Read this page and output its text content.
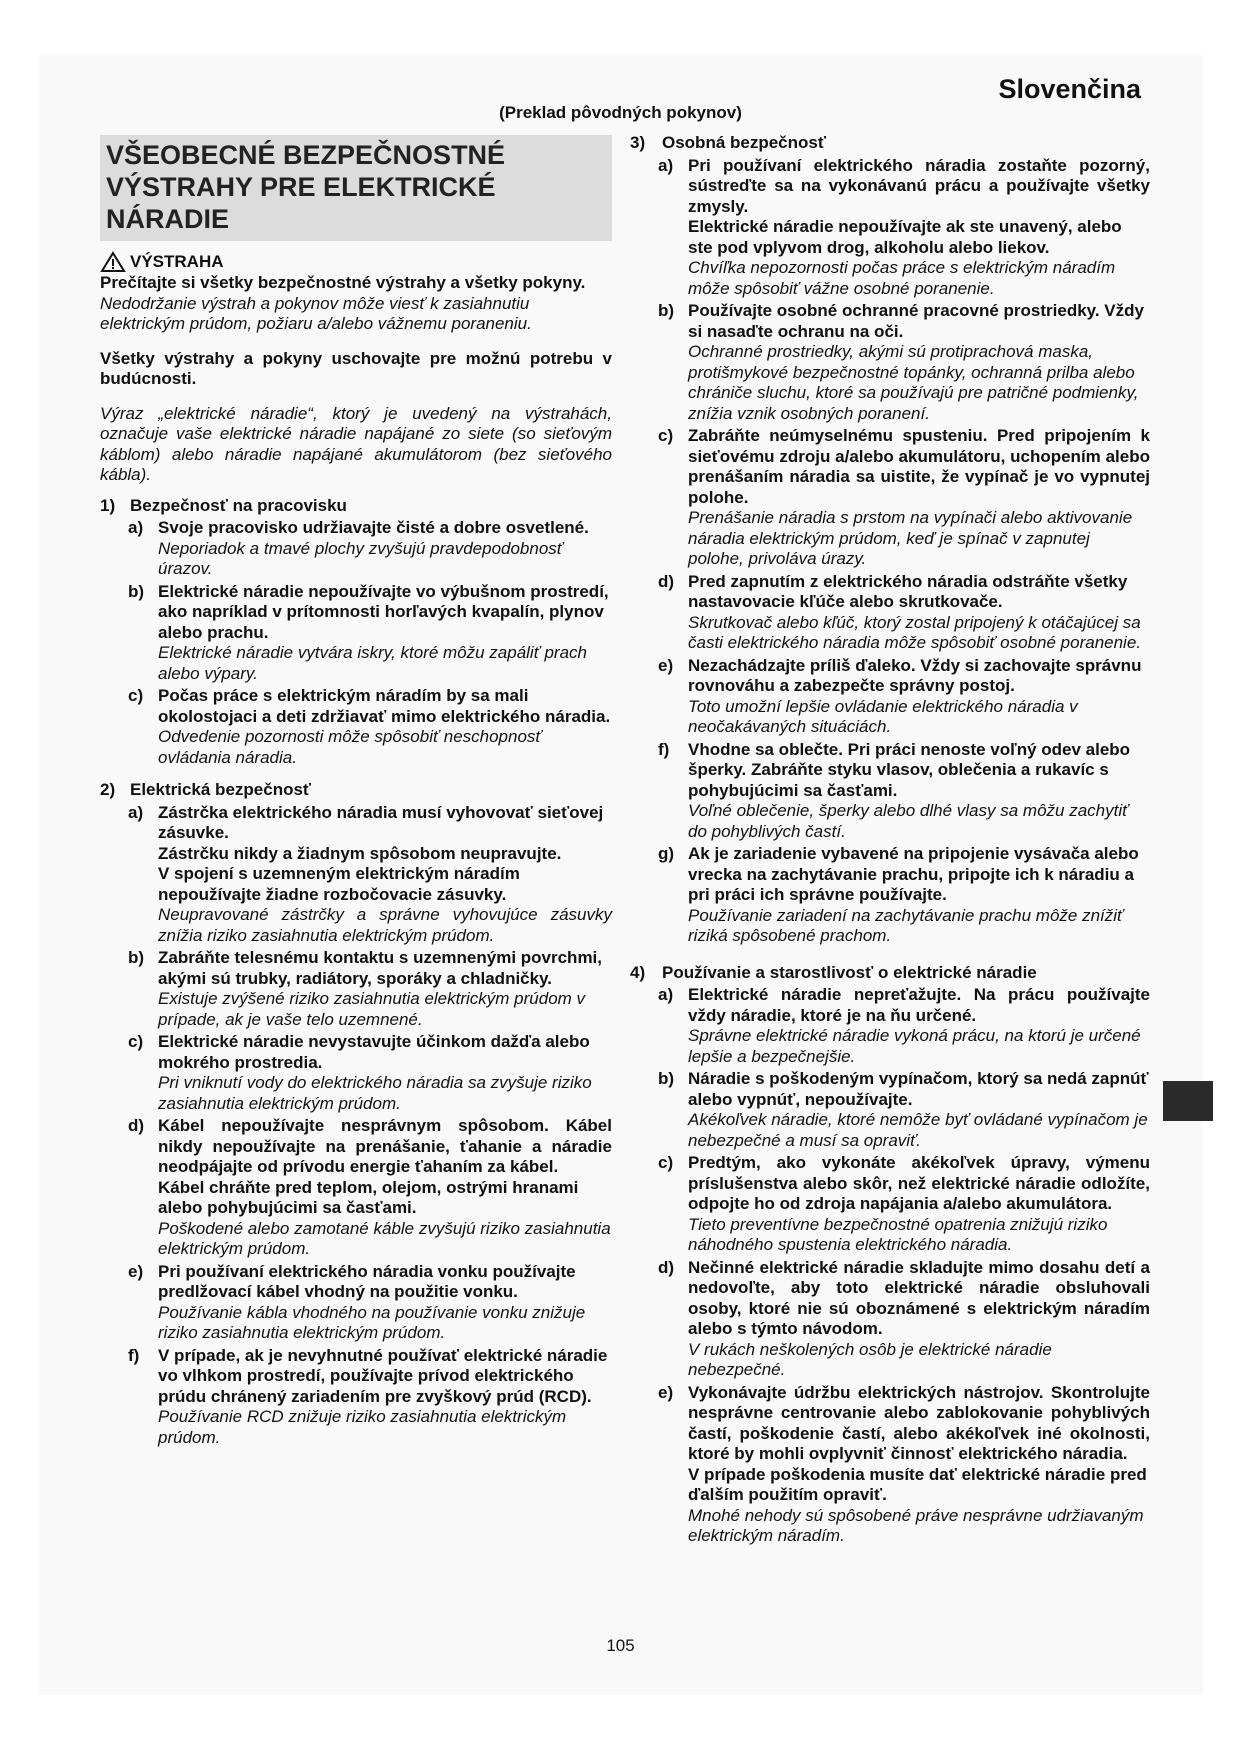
Slovenčina
(Preklad pôvodných pokynov)
VŠEOBECNÉ BEZPEČNOSTNÉ VÝSTRAHY PRE ELEKTRICKÉ NÁRADIE
VÝSTRAHA
Prečítajte si všetky bezpečnostné výstrahy a všetky pokyny.
Nedodržanie výstrah a pokynov môže viesť k zasiahnutiu elektrickým prúdom, požiaru a/alebo vážnemu poraneniu.
Všetky výstrahy a pokyny uschovajte pre možnú potrebu v budúcnosti.
Výraz „elektrické náradie“, ktorý je uvedený na výstrahách, označuje vaše elektrické náradie napájané zo siete (so sieťovým káblom) alebo náradie napájané akumulátorom (bez sieťového kábla).
1) Bezpečnosť na pracovisku
a) Svoje pracovisko udržiavajte čisté a dobre osvetlené.
Neporiadok a tmavé plochy zvyšujú pravdepodobnosť úrazov.
b) Elektrické náradie nepoužívajte vo výbušnom prostredí, ako napríklad v prítomnosti horľavých kvapalín, plynov alebo prachu.
Elektrické náradie vytvára iskry, ktoré môžu zapáliť prach alebo výpary.
c) Počas práce s elektrickým náradím by sa mali okolostojaci a deti zdržiavať mimo elektrického náradia.
Odvedenie pozornosti môže spôsobiť neschopnosť ovládania náradia.
2) Elektrická bezpečnosť
a) Zástrčka elektrického náradia musí vyhovovať sieťovej zásuvke.
Zástrčku nikdy a žiadnym spôsobom neupravujte.
V spojení s uzemneným elektrickým náradím nepoužívajte žiadne rozbočovacie zásuvky.
Neupravované zástrčky a správne vyhovujúce zásuvky znížia riziko zasiahnutia elektrickým prúdom.
b) Zabráňte telesnému kontaktu s uzemnenými povrchmi, akými sú trubky, radiátory, sporáky a chladničky.
Existuje zvýšené riziko zasiahnutia elektrickým prúdom v prípade, ak je vaše telo uzemnené.
c) Elektrické náradie nevystavujte účinkom dažďa alebo mokrého prostredia.
Pri vniknutí vody do elektrického náradia sa zvyšuje riziko zasiahnutia elektrickým prúdom.
d) Kábel nepoužívajte nesprávnym spôsobom. Kábel nikdy nepoužívajte na prenášanie, ťahanie a náradie neodpájajte od prívodu energie ťahaním za kábel.
Kábel chráňte pred teplom, olejom, ostrými hranami alebo pohybujúcimi sa časťami.
Poškodené alebo zamotané káble zvyšujú riziko zasiahnutia elektrickým prúdom.
e) Pri používaní elektrického náradia vonku používajte predlžovací kábel vhodný na použitie vonku.
Používanie kábla vhodného na používanie vonku znižuje riziko zasiahnutia elektrickým prúdom.
f)	V prípade, ak je nevyhnutné používať elektrické náradie vo vlhkom prostredí, používajte prívod elektrického prúdu chránený zariadením pre zvyškový prúd (RCD).
Používanie RCD znižuje riziko zasiahnutia elektrickým prúdom.
3) Osobná bezpečnosť
a) Pri používaní elektrického náradia zostaňte pozorný, sústreďte sa na vykonávanú prácu a používajte všetky zmysly.
Elektrické náradie nepoužívajte ak ste unavený, alebo ste pod vplyvom drog, alkoholu alebo liekov.
Chvíľka nepozornosti počas práce s elektrickým náradím môže spôsobiť vážne osobné poranenie.
b) Používajte osobné ochranné pracovné prostriedky. Vždy si nasaďte ochranu na oči.
Ochranné prostriedky, akými sú protiprachová maska, protišmykové bezpečnostné topánky, ochranná prilba alebo chrániče sluchu, ktoré sa používajú pre patričné podmienky, znížia vznik osobných poranení.
c) Zabráňte neúmyselnému spusteniu. Pred pripojením k sieťovému zdroju a/alebo akumulátoru, uchopením alebo prenášaním náradia sa uistite, že vypínač je vo vypnutej polohe.
Prenášanie náradia s prstom na vypínači alebo aktivovanie náradia elektrickým prúdom, keď je spínač v zapnutej polohe, privoláva úrazy.
d) Pred zapnutím z elektrického náradia odstráňte všetky nastavovacie kľúče alebo skrutkovače.
Skrutkovač alebo kľúč, ktorý zostal pripojený k otáčajúcej sa časti elektrického náradia môže spôsobiť osobné poranenie.
e) Nezachádzajte príliš ďaleko. Vždy si zachovajte správnu rovnováhu a zabezpečte správny postoj.
Toto umožní lepšie ovládanie elektrického náradia v neočakávaných situáciách.
f)	Vhodne sa oblečte. Pri práci nenoste voľný odev alebo šperky. Zabráňte styku vlasov, oblečenia a rukavíc s pohybujúcimi sa časťami.
Voľné oblečenie, šperky alebo dlhé vlasy sa môžu zachytiť do pohyblivých častí.
g) Ak je zariadenie vybavené na pripojenie vysávača alebo vrecka na zachytávanie prachu, pripojte ich k náradiu a pri práci ich správne používajte.
Používanie zariadení na zachytávanie prachu môže znížiť riziká spôsobené prachom.
4) Používanie a starostlivosť o elektrické náradie
a) Elektrické náradie nepreťažujte. Na prácu používajte vždy náradie, ktoré je na ňu určené.
Správne elektrické náradie vykoná prácu, na ktorú je určené lepšie a bezpečnejšie.
b) Náradie s poškodeným vypínačom, ktorý sa nedá zapnúť alebo vypnúť, nepoužívajte.
Akékoľvek náradie, ktoré nemôže byť ovládané vypínačom je nebezpečné a musí sa opraviť.
c) Predtým, ako vykonáte akékoľvek úpravy, výmenu príslušenstva alebo skôr, než elektrické náradie odložíte, odpojte ho od zdroja napájania a/alebo akumulátora.
Tieto preventívne bezpečnostné opatrenia znižujú riziko náhodného spustenia elektrického náradia.
d) Nečinné elektrické náradie skladujte mimo dosahu detí a nedovoľte, aby toto elektrické náradie obsluhovali osoby, ktoré nie sú oboznámené s elektrickým náradím alebo s týmto návodom.
V rukách neškolených osôb je elektrické náradie nebezpečné.
e) Vykonávajte údržbu elektrických nástrojov. Skontrolujte nesprávne centrovanie alebo zablokovanie pohyblivých častí, poškodenie častí, alebo akékoľvek iné okolnosti, ktoré by mohli ovplyvniť činnosť elektrického náradia.
V prípade poškodenia musíte dať elektrické náradie pred ďalším použitím opraviť.
Mnohé nehody sú spôsobené práve nesprávne udržiavaným elektrickým náradím.
105
